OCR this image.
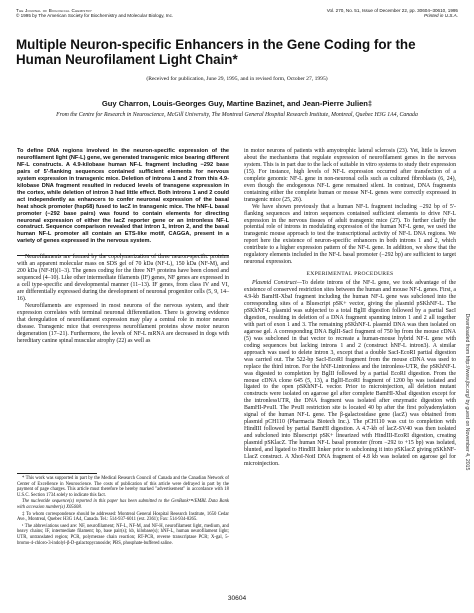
The Journal of Biological Chemistry
© 1995 by The American Society for Biochemistry and Molecular Biology, Inc.
Vol. 270, No. 51, Issue of December 22, pp. 30604–30610, 1995
Printed in U.S.A.
Multiple Neuron-specific Enhancers in the Gene Coding for the Human Neurofilament Light Chain*
(Received for publication, June 29, 1995, and in revised form, October 27, 1995)
Guy Charron, Louis-Georges Guy, Martine Bazinet, and Jean-Pierre Julien‡
From the Centre for Research in Neuroscience, McGill University, The Montreal General Hospital Research Institute, Montreal, Quebec H3G 1A4, Canada

To define DNA regions involved in the neuron-specific expression of the neurofilament light (NF-L) gene, we generated transgenic mice bearing different NF-L constructs. A 4.9-kilobase human NF-L fragment including −292 base pairs of 5′-flanking sequences contained sufficient elements for nervous system expression in transgenic mice. Deletion of introns 1 and 2 from this 4.9-kilobase DNA fragment resulted in reduced levels of transgene expression in the cortex, while deletion of intron 3 had little effect. Both introns 1 and 2 could act independently as enhancers to confer neuronal expression of the basal heat shock promoter (hsp68) fused to lacZ in transgenic mice. The hNF-L basal promoter (−292 base pairs) was found to contain elements for directing neuronal expression of either the lacZ reporter gene or an intronless NF-L construct. Sequence comparison revealed that intron 1, intron 2, and the basal human NF-L promoter all contain an ETS-like motif, CAGGA, present in a variety of genes expressed in the nervous system.

Neurofilaments are formed by the copolymerization of three neuron-specific proteins with an apparent molecular mass on SDS gel of 70 kDa (NF-L), 150 kDa (NF-M), and 200 kDa (NF-H)(1–3). The genes coding for the three NF¹ proteins have been cloned and sequenced (4–10). Like other intermediate filaments (IF) genes, NF genes are expressed in a cell type-specific and developmental manner (11–13). IF genes, from class IV and VI, are differentially expressed during the development of neuronal progenitor cells (5, 9, 14–16).

Neurofilaments are expressed in most neurons of the nervous system, and their expression correlates with terminal neuronal differentiation. There is growing evidence that deregulation of neurofilament expression may play a central role in motor neuron disease. Transgenic mice that overexpress neurofilament proteins show motor neuron degeneration (17–21). Furthermore, the levels of NF-L mRNA are decreased in dogs with hereditary canine spinal muscular atrophy (22) as well as

* This work was supported in part by the Medical Research Council of Canada and the Canadian Network of Center of Excellence in Neuroscience. The costs of publication of this article were defrayed in part by the payment of page charges. This article must therefore be hereby marked "advertisement" in accordance with 18 U.S.C. Section 1734 solely to indicate this fact.

The nucleotide sequence(s) reported in this paper has been submitted to the GenBank™/EMBL Data Bank with accession number(s) X05608.

‡ To whom correspondence should be addressed: Montreal General Hospital Research Institute, 1650 Cedar Ave., Montreal, Quebec H3G 1A4, Canada. Tel.: 514-937-6011 (ext. 2361); Fax: 514-934-8265.

¹ The abbreviations used are: NF, neurofilament; NF-L, NF-M, and NF-H, neurofilament light, medium, and heavy chains; IF, intermediate filament; bp, base pair(s); kb, kilobase(s); hNF-L, human neurofilament light; UTR, untranslated region; PCR, polymerase chain reaction; RT-PCR, reverse transcriptase PCR; X-gal, 5-bromo-4-chloro-3-indolyl-β-D-galactopyranoside; PBS, phosphate-buffered saline.

in motor neurons of patients with amyotrophic lateral sclerosis (23). Yet, little is known about the mechanisms that regulate expression of neurofilament genes in the nervous system. This is in part due to the lack of suitable in vitro systems to study their expression (15). For instance, high levels of NF-L expression occurred after transfection of a complete genomic NF-L gene in non-neuronal cells such as cultured fibroblasts (6, 24), even though the endogenous NF-L gene remained silent. In contrast, DNA fragments containing either the complete human or mouse NF-L genes were correctly expressed in transgenic mice (25, 26).

We have shown previously that a human NF-L fragment including −292 bp of 5′-flanking sequences and intron sequences contained sufficient elements to drive NF-L expression in the nervous tissues of adult transgenic mice (27). To further clarify the potential role of introns in modulating expression of the human NF-L gene, we used the transgenic mouse approach to test the transcriptional activity of NF-L DNA regions. We report here the existence of neuron-specific enhancers in both introns 1 and 2, which contribute to a higher expression pattern of the NF-L gene. In addition, we show that the regulatory elements included in the NF-L basal promoter (−292 bp) are sufficient to target neuronal expression.

EXPERIMENTAL PROCEDURES

Plasmid Construct—To delete introns of the NF-L gene, we took advantage of the existence of conserved restriction sites between the human and mouse NF-L genes. First, a 4.9-kb BamHI-XbaI fragment including the human NF-L gene was subcloned into the corresponding sites of a Bluescript pSK+ vector, giving the plasmid pSKhNF-L. The pSKhNF-L plasmid was subjected to a total BglII digestion followed by a partial SacI digestion, resulting in deletion of a DNA fragment spanning intron 1 and 2 all together with part of exon 1 and 3. The remaining pSKhNF-L plasmid DNA was then isolated on agarose gel. A corresponding DNA BglII-SacI fragment of 750 bp from the mouse cDNA (5) was subcloned in that vector to recreate a human-mouse hybrid NF-L gene with coding sequences but lacking introns 1 and 2 (construct hNF-L intron3). A similar approach was used to delete intron 3, except that a double SacI-EcoRI partial digestion was carried out. The 522-bp SacI-EcoRI fragment from the mouse cDNA was used to replace the third intron. For the hNF-Lintronless and the intronless-UTR, the pSKhNF-L was digested to completion by BglII followed by a partial EcoRI digestion. From the mouse cDNA clone 645 (5, 13), a BglII-EcoRI fragment of 1200 bp was isolated and ligated to the open pSKhNF-L vector. Prior to microinjection, all deletion mutant constructs were isolated on agarose gel after complete BamHI-XbaI digestion except for the intronlessUTR, the DNA fragment was isolated after enzymatic digestion with BamHI-PvuII. The PvuII restriction site is located 40 bp after the first polyadenylation signal of the human NF-L gene. The β-galactosidase gene (lacZ) was obtained from plasmid pCH110 (Pharmacia Biotech Inc.). The pCH110 was cut to completion with HindIII followed by partial BamHI digestion. A 4.7-kb of lacZ-SV40 was then isolated and subcloned into Bluescript pSK+ linearized with HindIII-EcoRI digestion, creating plasmid pSKlacZ. The human NF-L basal promoter (from −292 to +15 bp) was isolated, blunted, and ligated to HindIII linker prior to subcloning it into pSKlacZ giving pSKhNF-LlacZ construct. A XhoI-NotI DNA fragment of 4.8 kb was isolated on agarose gel for microinjection.	Downloaded from http://www.jbc.org/ by guest on November 4, 2015
30604
